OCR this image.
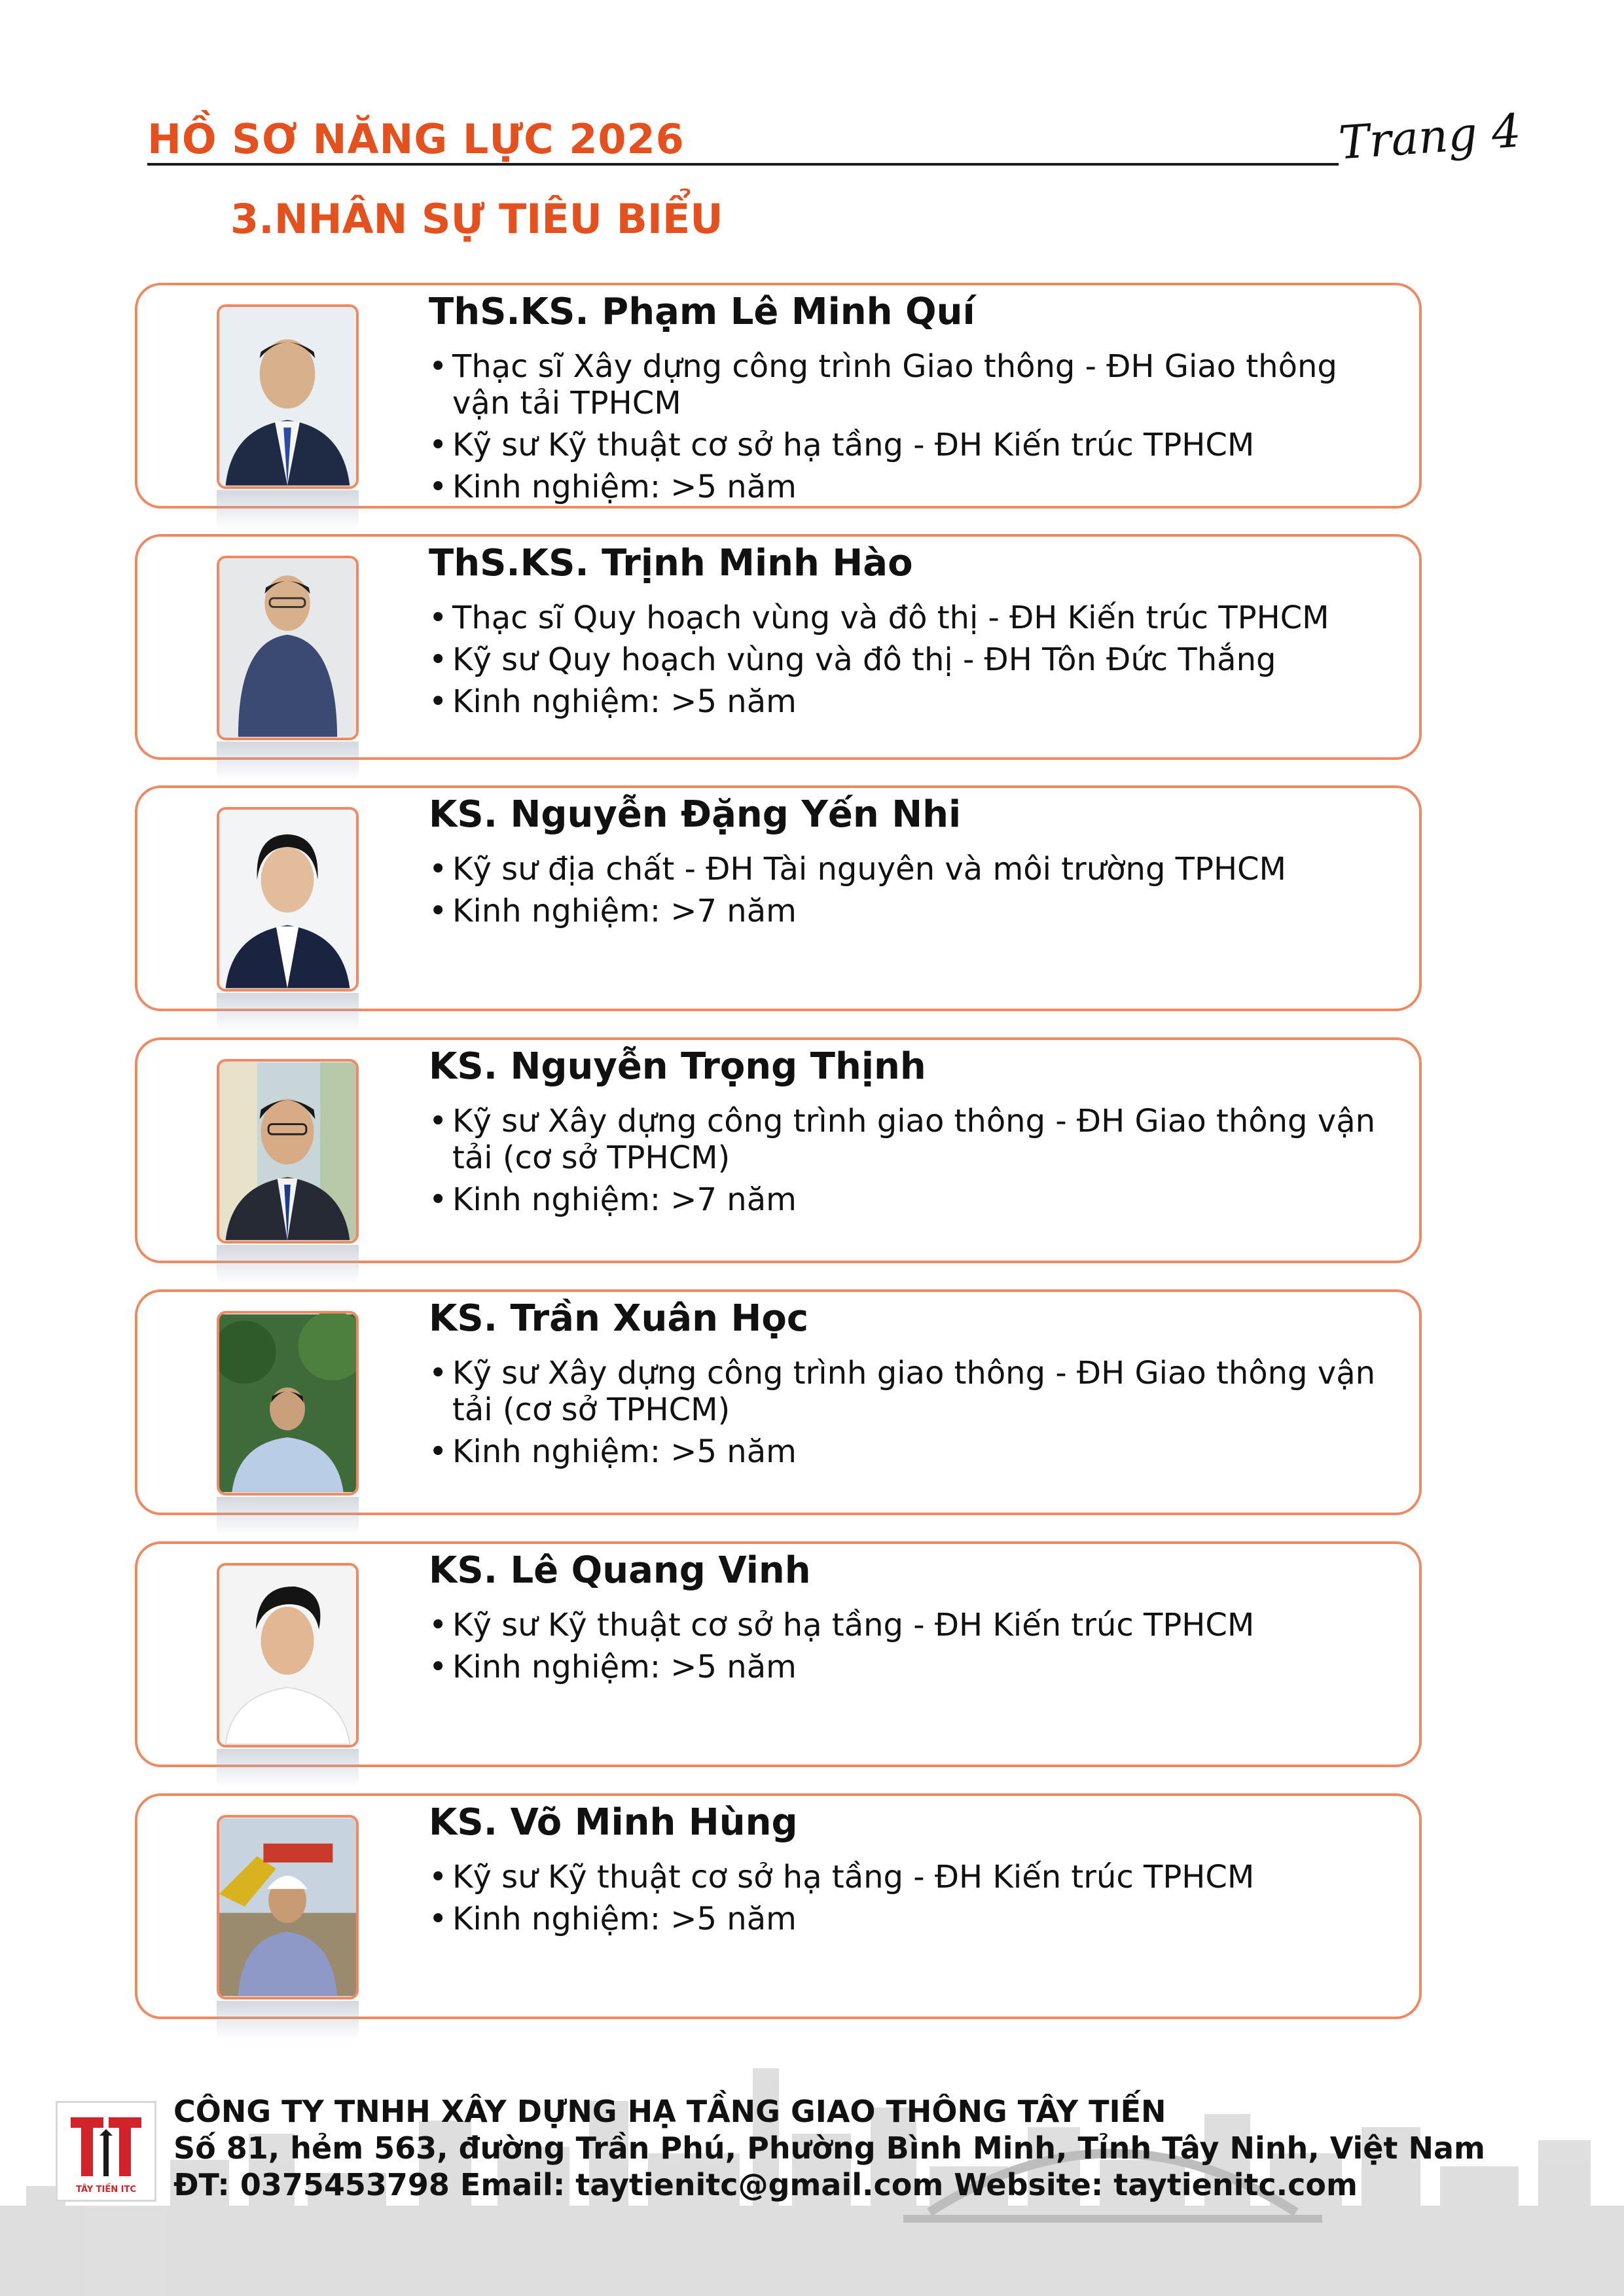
HỒ SƠ NĂNG LỰC 2026	Trang 4
3.NHÂN SỰ TIÊU BIỂU
ThS.KS. Phạm Lê Minh Quí
• Thạc sĩ Xây dựng công trình Giao thông - ĐH Giao thông vận tải TPHCM
• Kỹ sư Kỹ thuật cơ sở hạ tầng - ĐH Kiến trúc TPHCM
• Kinh nghiệm: >5 năm
ThS.KS. Trịnh Minh Hào
• Thạc sĩ Quy hoạch vùng và đô thị - ĐH Kiến trúc TPHCM
• Kỹ sư Quy hoạch vùng và đô thị - ĐH Tôn Đức Thắng
• Kinh nghiệm: >5 năm
KS. Nguyễn Đặng Yến Nhi
• Kỹ sư địa chất - ĐH Tài nguyên và môi trường TPHCM
• Kinh nghiệm: >7 năm
KS. Nguyễn Trọng Thịnh
• Kỹ sư Xây dựng công trình giao thông - ĐH Giao thông vận tải (cơ sở TPHCM)
• Kinh nghiệm: >7 năm
KS. Trần Xuân Học
• Kỹ sư Xây dựng công trình giao thông - ĐH Giao thông vận tải (cơ sở TPHCM)
• Kinh nghiệm: >5 năm
KS. Lê Quang Vinh
• Kỹ sư Kỹ thuật cơ sở hạ tầng - ĐH Kiến trúc TPHCM
• Kinh nghiệm: >5 năm
KS. Võ Minh Hùng
• Kỹ sư Kỹ thuật cơ sở hạ tầng - ĐH Kiến trúc TPHCM
• Kinh nghiệm: >5 năm
TÂY TIẾN ITC
CÔNG TY TNHH XÂY DỰNG HẠ TẦNG GIAO THÔNG TÂY TIẾN
Số 81, hẻm 563, đường Trần Phú, Phường Bình Minh, Tỉnh Tây Ninh, Việt Nam
ĐT: 0375453798 Email: taytienitc@gmail.com Website: taytienitc.com
